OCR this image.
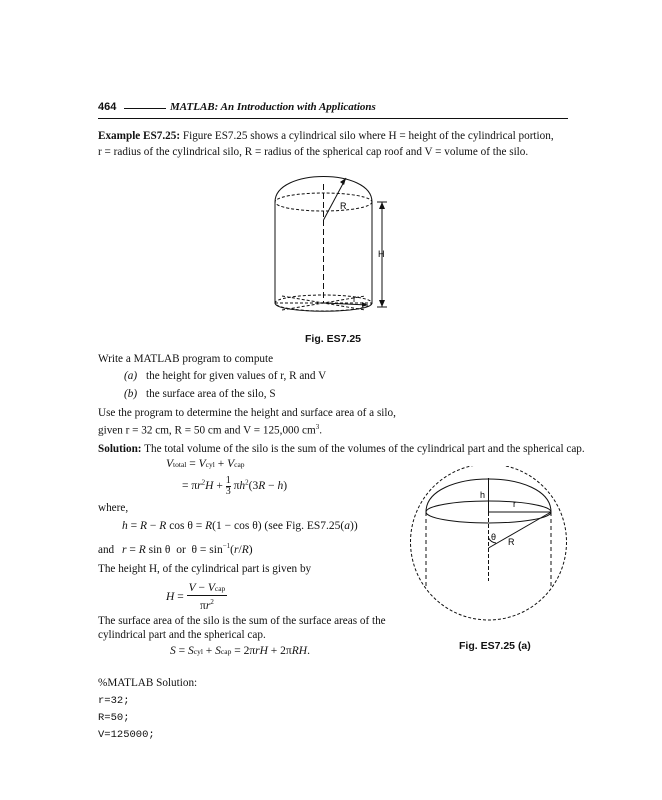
464	MATLAB: An Introduction with Applications
Example ES7.25: Figure ES7.25 shows a cylindrical silo where H = height of the cylindrical portion,
r = radius of the cylindrical silo, R = radius of the spherical cap roof and V = volume of the silo.
R
H
r
Fig. ES7.25
Write a MATLAB program to compute
(a) the height for given values of r, R and V
(b) the surface area of the silo, S
Use the program to determine the height and surface area of a silo,
given r = 32 cm, R = 50 cm and V = 125,000 $cm^3$.
Solution: The total volume of the silo is the sum of the volumes of the cylindrical part and the spherical cap.
Vtotal = Vcyl + Vcap
= $\pi r^2H + \frac{1}{3} \pi h^2(3R - h)$
where,
h = R − R cos θ = R(1 − cos θ) (see Fig. ES7.25(a))
and r = R sin θ  or  $\theta = \sin^{-1}(r/R)$
The height H, of the cylindrical part is given by
H =
V − Vcap
$\pi r^2$
The surface area of the silo is the sum of the surface areas of the
cylindrical part and the spherical cap.
S = Scyl + Scap = 2πrH + 2πRH.
h
r
θ R
Fig. ES7.25 (a)
%MATLAB Solution:
r=32;
R=50;
V=125000;
